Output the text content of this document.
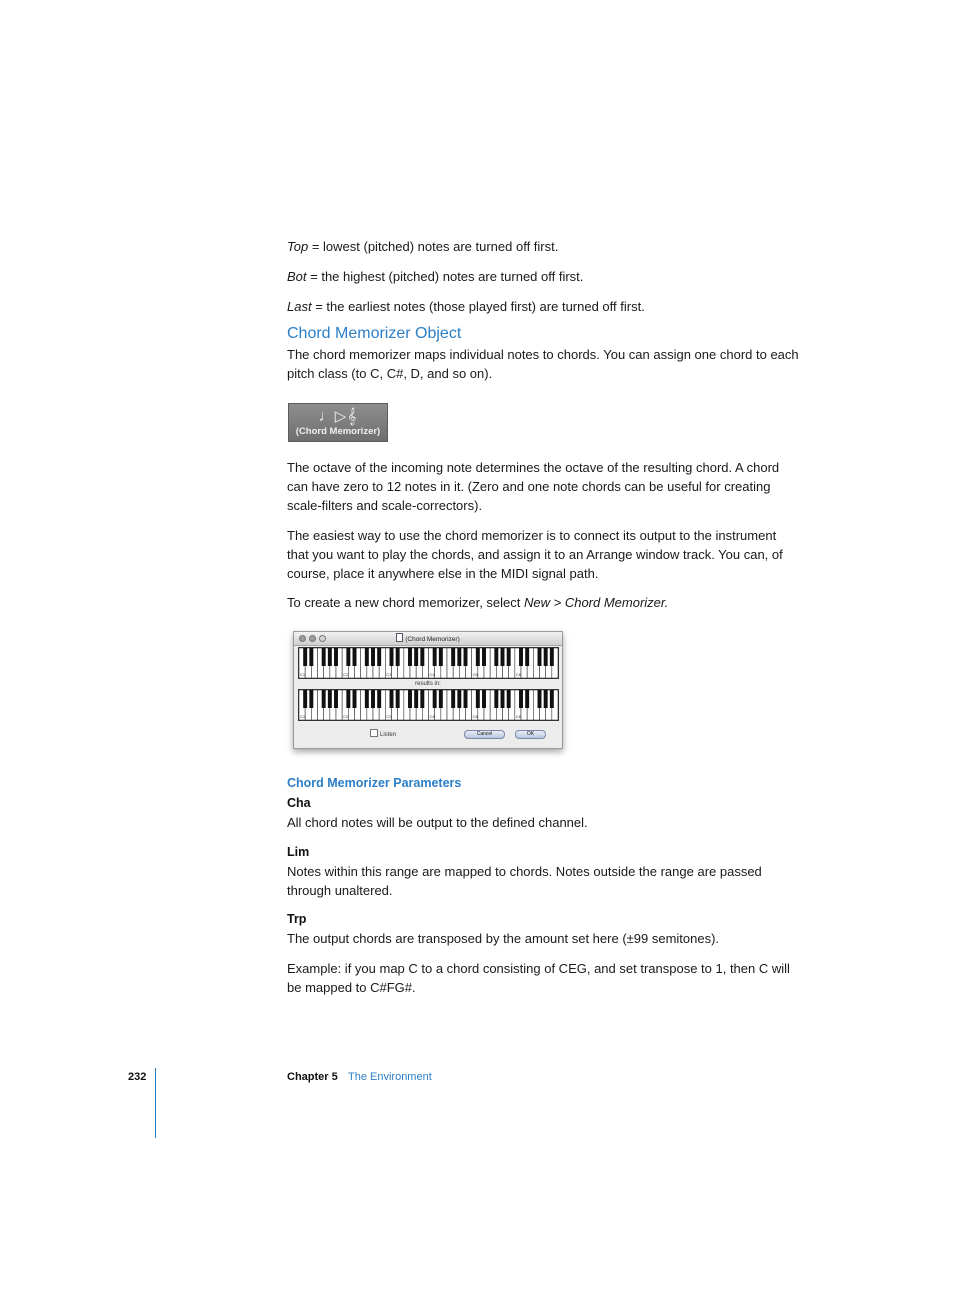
Top = lowest (pitched) notes are turned off first.

Bot = the highest (pitched) notes are turned off first.

Last = the earliest notes (those played first) are turned off first.

Chord Memorizer Object

The chord memorizer maps individual notes to chords. You can assign one chord to each pitch class (to C, C#, D, and so on).

♩▷𝄞
(Chord Memorizer)

The octave of the incoming note determines the octave of the resulting chord. A chord can have zero to 12 notes in it. (Zero and one note chords can be useful for creating scale-filters and scale-correctors).

The easiest way to use the chord memorizer is to connect its output to the instrument that you want to play the chords, and assign it to an Arrange window track. You can, of course, place it anywhere else in the MIDI signal path.

To create a new chord memorizer, select New > Chord Memorizer.

(Chord Memorizer)
C1	C2	C3	C4	C5	C6
results in:
C1	C2	C3	C4	C5	C6
Listen	Cancel	OK
Chord Memorizer Parameters
Cha

All chord notes will be output to the defined channel.

Lim

Notes within this range are mapped to chords. Notes outside the range are passed through unaltered.

Trp

The output chords are transposed by the amount set here (±99 semitones).

Example: if you map C to a chord consisting of CEG, and set transpose to 1, then C will be mapped to C#FG#.

232	Chapter 5 The Environment
